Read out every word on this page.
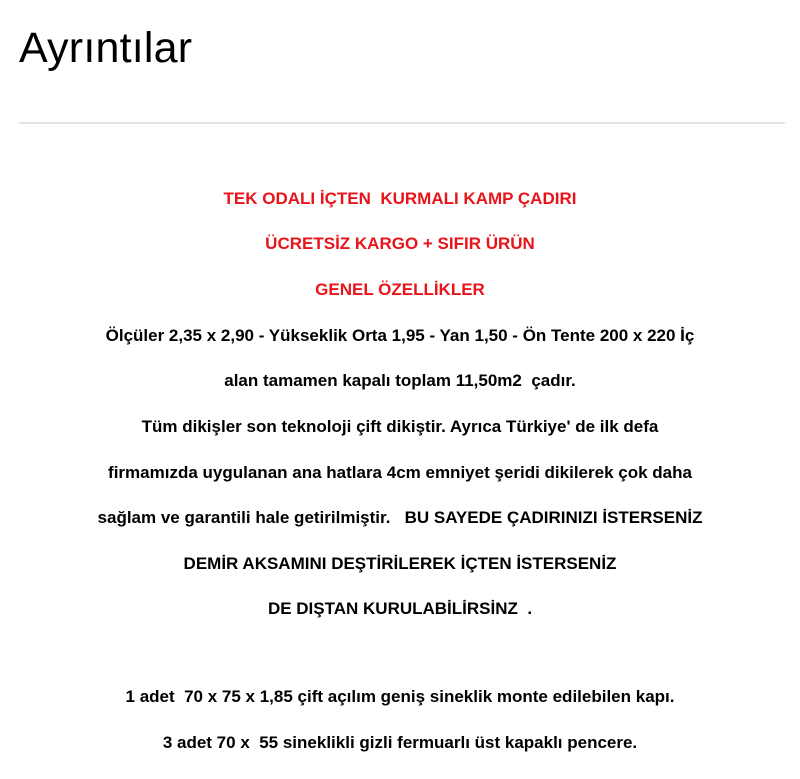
Ayrıntılar
TEK ODALI İÇTEN  KURMALI KAMP ÇADIRI
ÜCRETSİZ KARGO + SIFIR ÜRÜN
GENEL ÖZELLİKLER
Ölçüler 2,35 x 2,90 - Yükseklik Orta 1,95 - Yan 1,50 - Ön Tente 200 x 220 İç
alan tamamen kapalı toplam 11,50m2  çadır.
Tüm dikişler son teknoloji çift dikiştir. Ayrıca Türkiye' de ilk defa
firmamızda uygulanan ana hatlara 4cm emniyet şeridi dikilerek çok daha
sağlam ve garantili hale getirilmiştir.   BU SAYEDE ÇADIRINIZI İSTERSENİZ
DEMİR AKSAMINI DEŞTİRİLEREK İÇTEN İSTERSENİZ
DE DIŞTAN KURULABİLİRSİNZ  .
1 adet  70 x 75 x 1,85 çift açılım geniş sineklik monte edilebilen kapı.
3 adet 70 x  55 sineklikli gizli fermuarlı üst kapaklı pencere.
